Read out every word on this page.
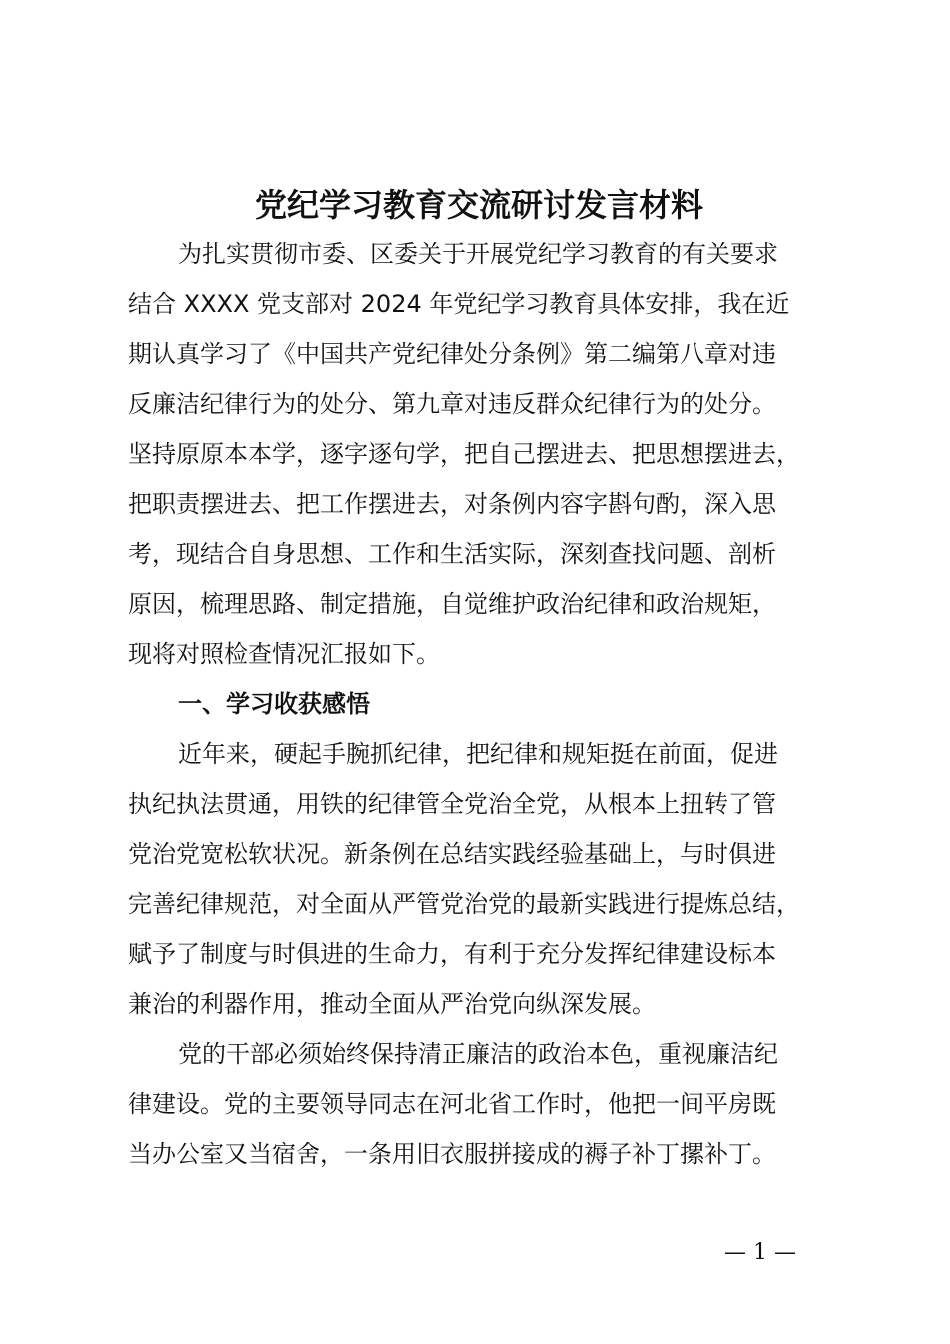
党纪学习教育交流研讨发言材料
为扎实贯彻市委、区委关于开展党纪学习教育的有关要求
结合 XXXX 党支部对 2024 年党纪学习教育具体安排，我在近
期认真学习了《中国共产党纪律处分条例》第二编第八章对违
反廉洁纪律行为的处分、第九章对违反群众纪律行为的处分。
坚持原原本本学，逐字逐句学，把自己摆进去、把思想摆进去，
把职责摆进去、把工作摆进去，对条例内容字斟句酌，深入思
考，现结合自身思想、工作和生活实际，深刻查找问题、剖析
原因，梳理思路、制定措施，自觉维护政治纪律和政治规矩，
现将对照检查情况汇报如下。
一、学习收获感悟
近年来，硬起手腕抓纪律，把纪律和规矩挺在前面，促进
执纪执法贯通，用铁的纪律管全党治全党，从根本上扭转了管
党治党宽松软状况。新条例在总结实践经验基础上，与时俱进
完善纪律规范，对全面从严管党治党的最新实践进行提炼总结，
赋予了制度与时俱进的生命力，有利于充分发挥纪律建设标本
兼治的利器作用，推动全面从严治党向纵深发展。
党的干部必须始终保持清正廉洁的政治本色，重视廉洁纪
律建设。党的主要领导同志在河北省工作时，他把一间平房既
当办公室又当宿舍，一条用旧衣服拼接成的褥子补丁摞补丁。
— 1 —
